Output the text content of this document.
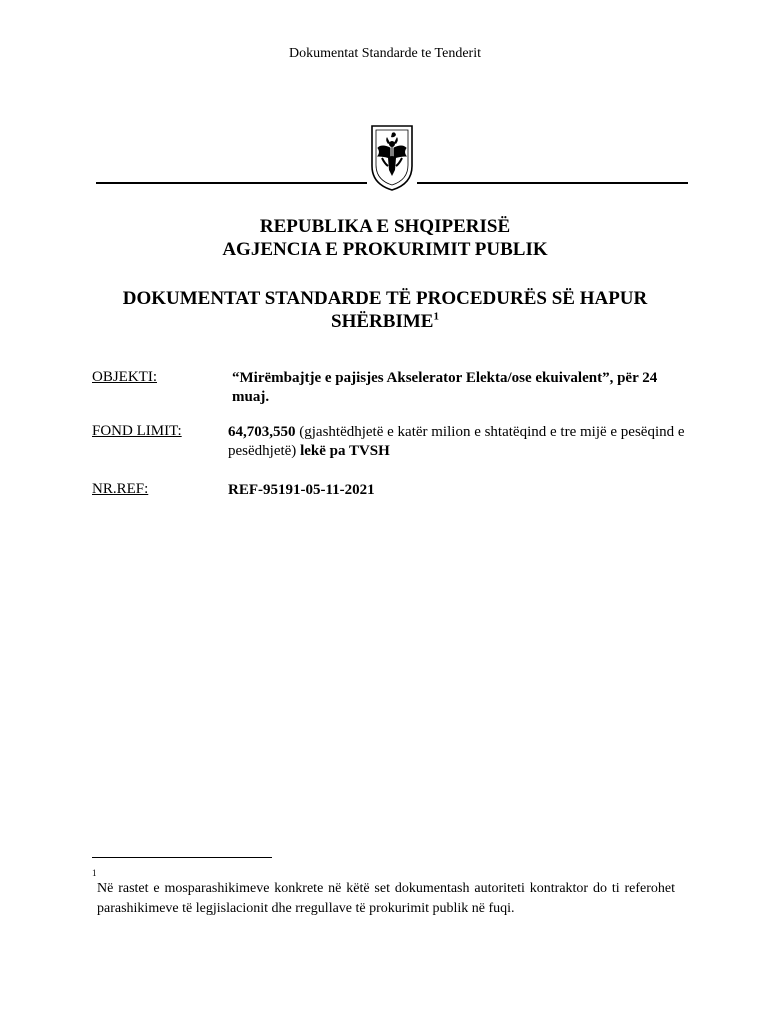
Dokumentat Standarde te Tenderit
REPUBLIKA E SHQIPERISË
AGJENCIA E PROKURIMIT PUBLIK
DOKUMENTAT STANDARDE TË PROCEDURËS SË HAPUR
SHËRBIME$^1$
OBJEKTI:	“Mirëmbajtje e pajisjes Akselerator Elekta/ose ekuivalent”, për 24 muaj.
FOND LIMIT:	64,703,550 (gjashtëdhjetë e katër milion e shtatëqind e tre mijë e pesëqind e pesëdhjetë) lekë pa TVSH
NR.REF:	REF-95191-05-11-2021
1
Në rastet e mosparashikimeve konkrete në këtë set dokumentash autoriteti kontraktor do ti referohet parashikimeve të legjislacionit dhe rregullave të prokurimit publik në fuqi.
